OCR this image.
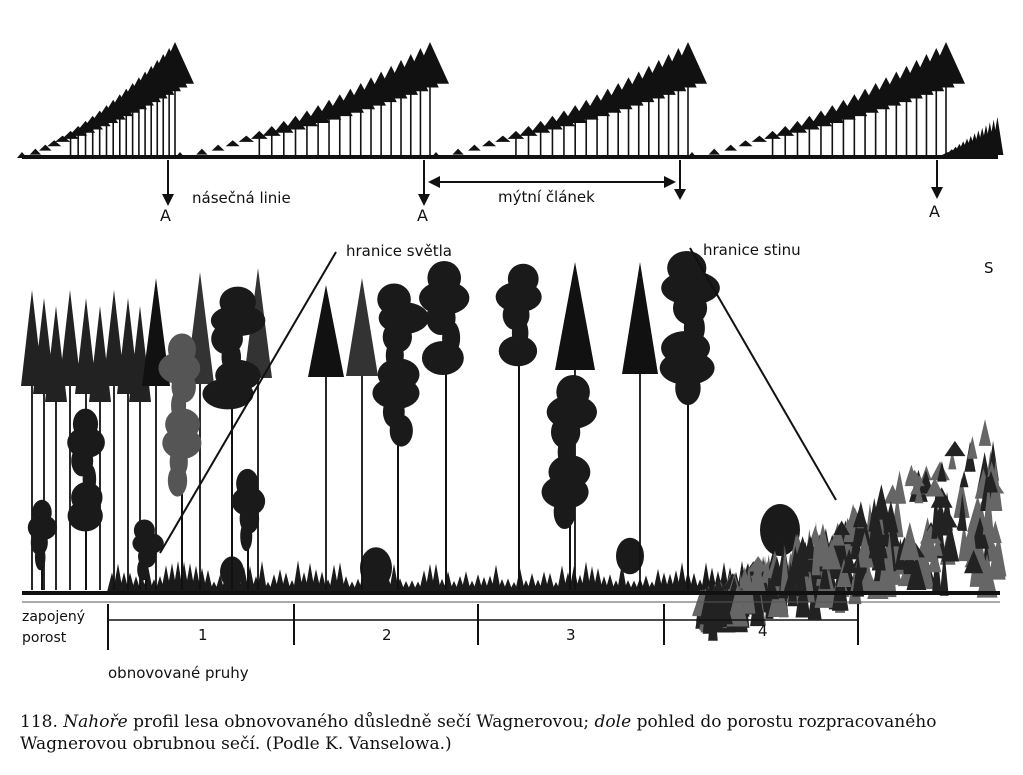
A	A	A
násečná linie	mýtní článek
hranice světla	hranice stinu
S
zapojený
porost	1	2	3	4
obnovované pruhy
118. Nahoře profil lesa obnovovaného důsledně sečí Wagnerovou; dole pohled do porostu rozpracovaného Wagnerovou obrubnou sečí. (Podle K. Vanselowa.)
